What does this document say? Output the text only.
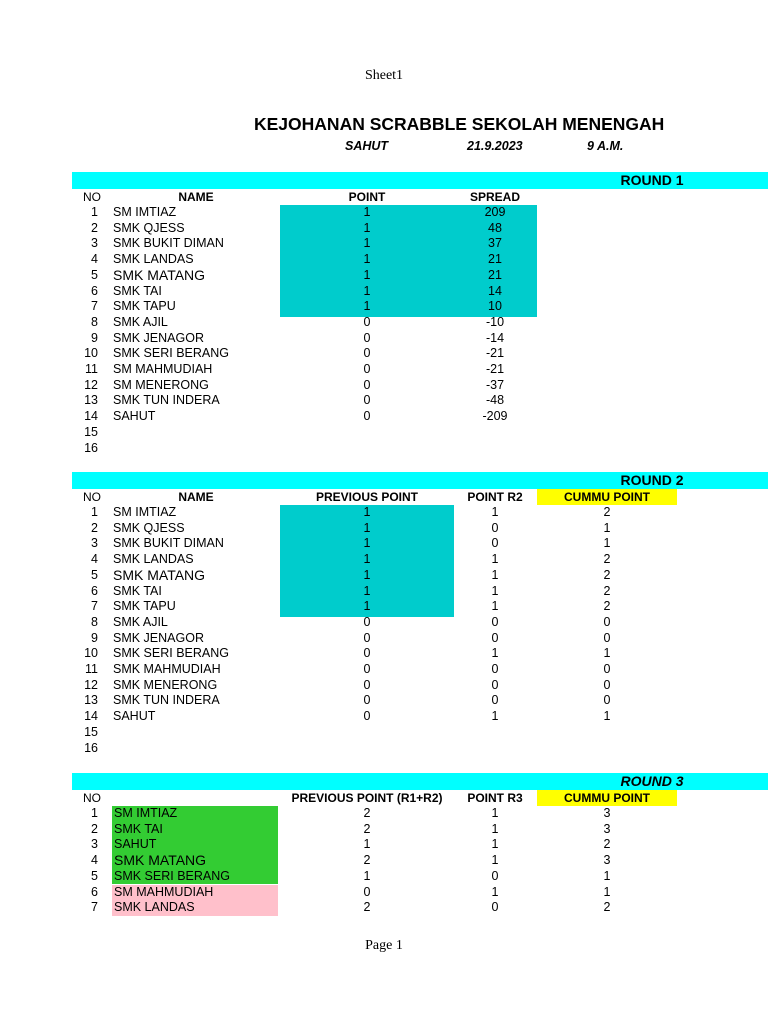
Sheet1
KEJOHANAN SCRABBLE SEKOLAH MENENGAH
SAHUT	21.9.2023	9 A.M.
ROUND 1
NO	NAME	POINT	SPREAD
1 SM IMTIAZ	1	209
2 SMK QJESS	1	48
3 SMK BUKIT DIMAN	1	37
4 SMK LANDAS	1	21
5 SMK MATANG	1	21
6 SMK TAI	1	14
7 SMK TAPU	1	10
8 SMK AJIL	0	-10
9 SMK JENAGOR	0	-14
10 SMK SERI BERANG	0	-21
11 SM MAHMUDIAH	0	-21
12 SM MENERONG	0	-37
13 SMK TUN INDERA	0	-48
14 SAHUT	0	-209
15
16
ROUND 2
NO	NAME	PREVIOUS POINT	POINT R2	CUMMU POINT
1 SM IMTIAZ	1	1	2
2 SMK QJESS	1	0	1
3 SMK BUKIT DIMAN	1	0	1
4 SMK LANDAS	1	1	2
5 SMK MATANG	1	1	2
6 SMK TAI	1	1	2
7 SMK TAPU	1	1	2
8 SMK AJIL	0	0	0
9 SMK JENAGOR	0	0	0
10 SMK SERI BERANG	0	1	1
11 SMK MAHMUDIAH	0	0	0
12 SMK MENERONG	0	0	0
13 SMK TUN INDERA	0	0	0
14 SAHUT	0	1	1
15
16
ROUND 3
NO	PREVIOUS POINT (R1+R2)	POINT R3	CUMMU POINT
1 SM IMTIAZ	2	1	3
2 SMK TAI	2	1	3
3 SAHUT	1	1	2
4 SMK MATANG	2	1	3
5 SMK SERI BERANG	1	0	1
6 SM MAHMUDIAH	0	1	1
7 SMK LANDAS	2	0	2
Page 1
